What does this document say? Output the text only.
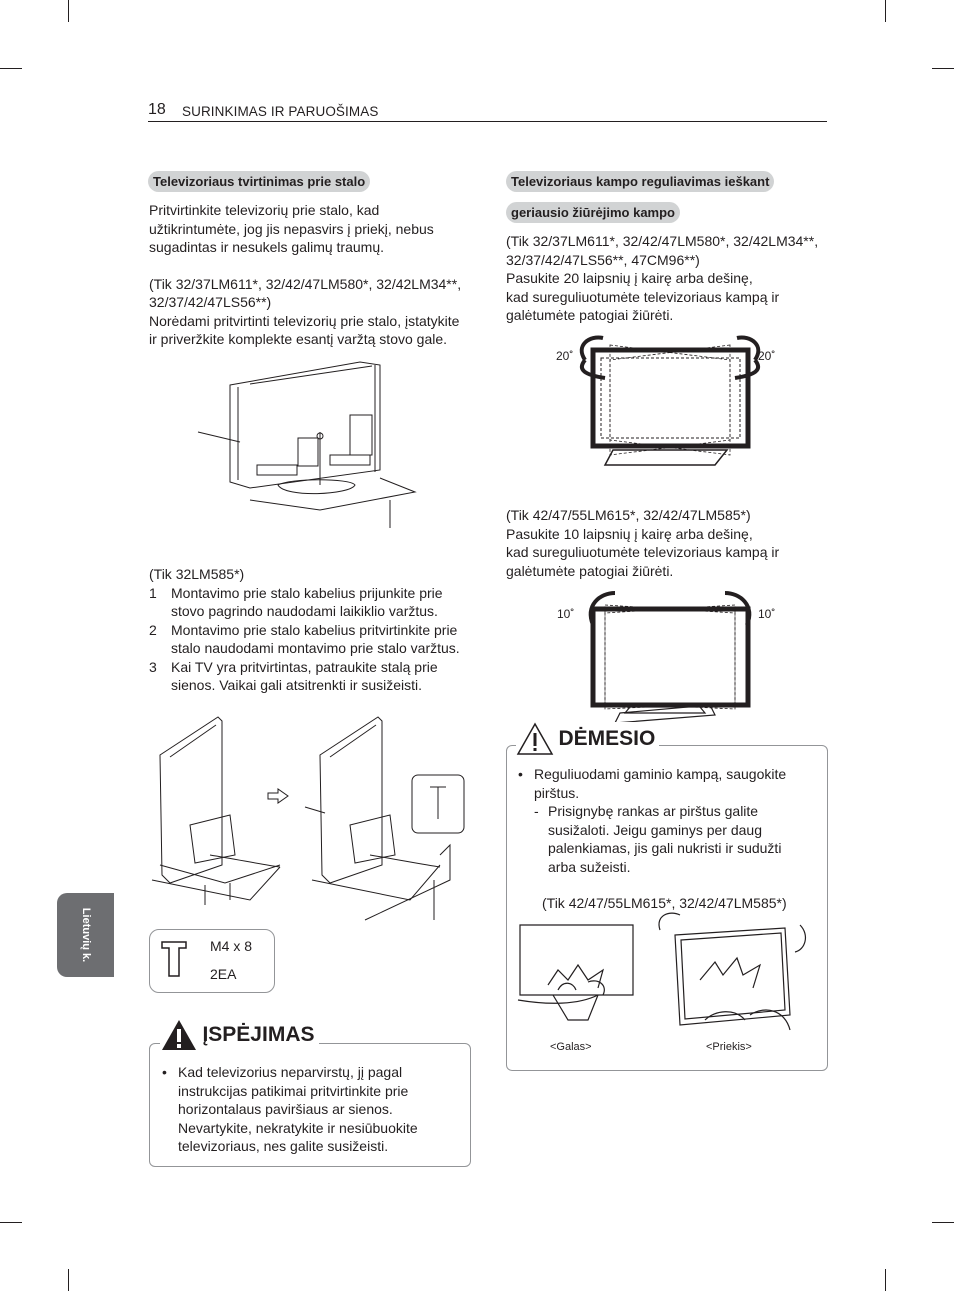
18 SURINKIMAS IR PARUOŠIMAS
Lietuvių k.
Televizoriaus tvirtinimas prie stalo

Pritvirtinkite televizorių prie stalo, kad užtikrintumėte, jog jis nepasvirs į priekį, nebus sugadintas ir nesukels galimų traumų.

(Tik 32/37LM611*, 32/42/47LM580*, 32/42LM34**, 32/37/42/47LS56**)

Norėdami pritvirtinti televizorių prie stalo, įstatykite ir priveržkite komplekte esantį varžtą stovo gale.

(Tik 32LM585*)

1 Montavimo prie stalo kabelius prijunkite prie stovo pagrindo naudodami laikiklio varžtus.
2 Montavimo prie stalo kabelius pritvirtinkite prie stalo naudodami montavimo prie stalo varžtus.
3 Kai TV yra pritvirtintas, patraukite stalą prie sienos. Vaikai gali atsitrenkti ir susižeisti.
M4 x 8
2EA
ĮSPĖJIMAS
• Kad televizorius neparvirstų, jį pagal instrukcijas patikimai pritvirtinkite prie horizontalaus paviršiaus ar sienos. Nevartykite, nekratykite ir nesiūbuokite televizoriaus, nes galite susižeisti.
Televizoriaus kampo reguliavimas ieškant
geriausio žiūrėjimo kampo

(Tik 32/37LM611*, 32/42/47LM580*, 32/42LM34**, 32/37/42/47LS56**, 47CM96**)

Pasukite 20 laipsnių į kairę arba dešinę,

kad sureguliuotumėte televizoriaus kampą ir galėtumėte patogiai žiūrėti.

20˚	20˚

(Tik 42/47/55LM615*, 32/42/47LM585*)

Pasukite 10 laipsnių į kairę arba dešinę,

kad sureguliuotumėte televizoriaus kampą ir galėtumėte patogiai žiūrėti.

10˚	10˚
DĖMESIO
• Reguliuodami gaminio kampą, saugokite pirštus.
- Prisignybę rankas ar pirštus galite susižaloti. Jeigu gaminys per daug palenkiamas, jis gali nukristi ir sudužti arba sužeisti.

(Tik 42/47/55LM615*, 32/42/47LM585*)

<Galas>	<Priekis>
